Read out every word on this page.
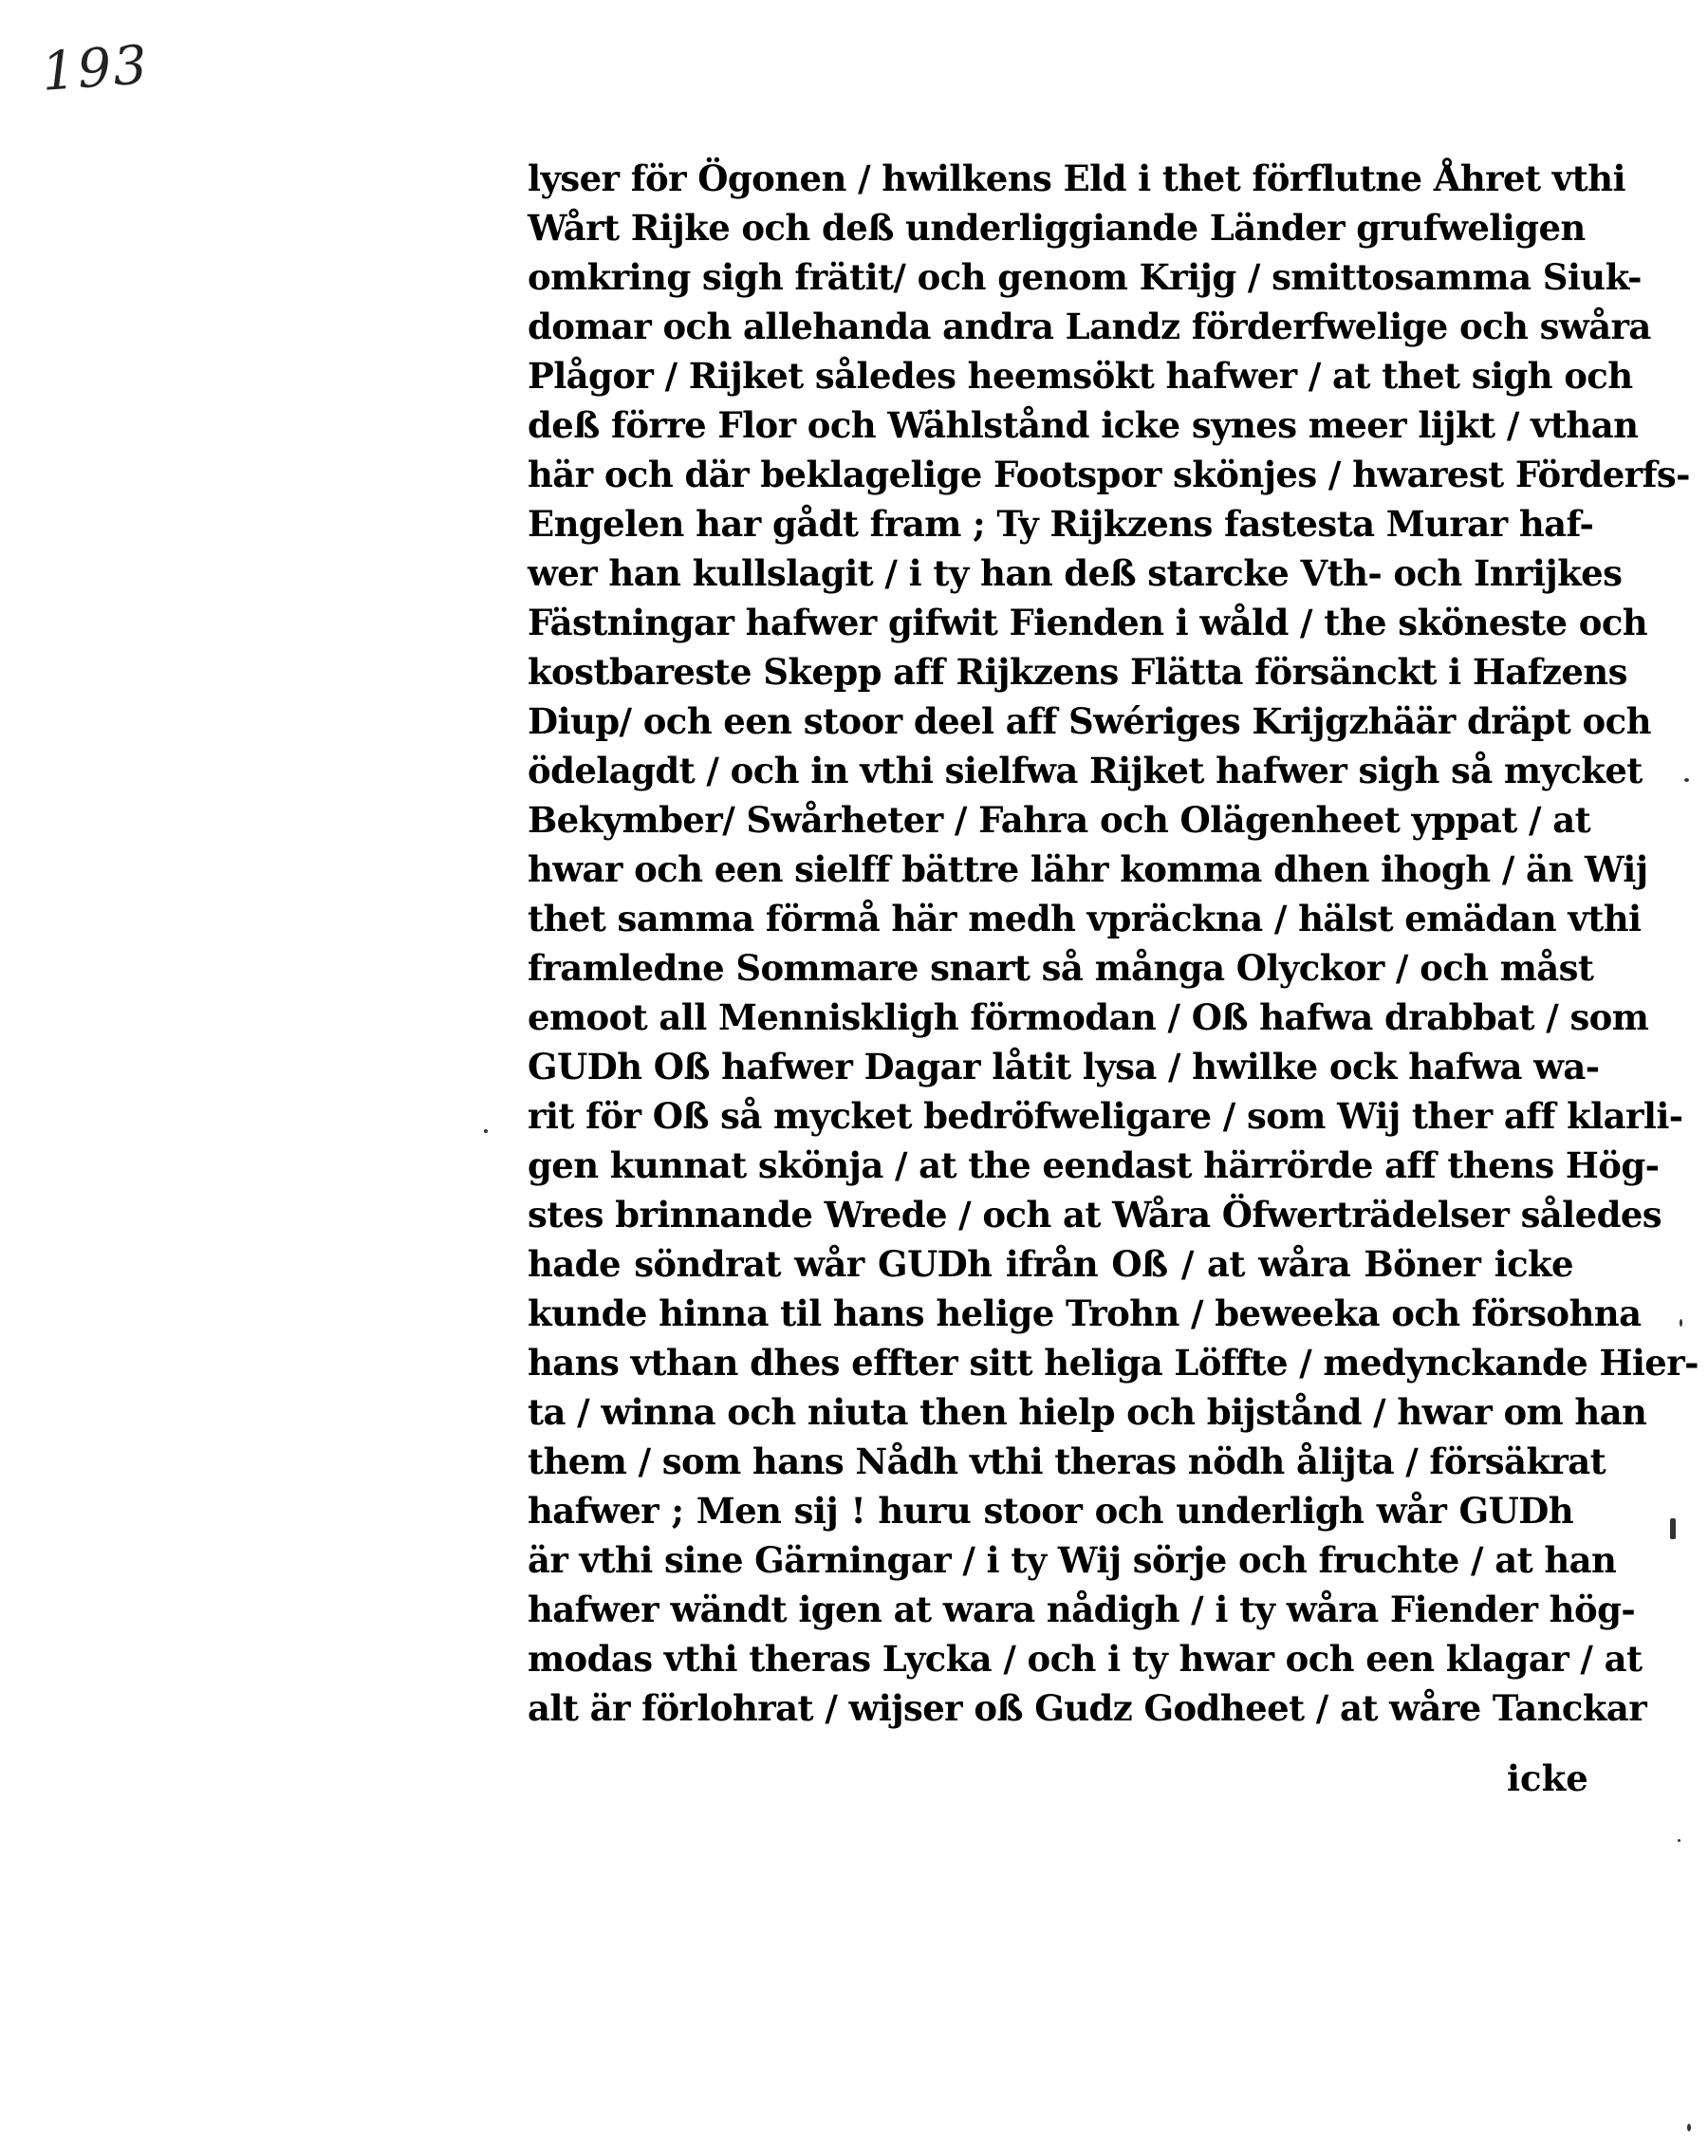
193
lyser för Ögonen / hwilkens Eld i thet förflutne Åhret vthi
Wårt Rijke och deß underliggiande Länder grufweligen
omkring sigh frätit/ och genom Krijg / smittosamma Siuk-
domar och allehanda andra Landz förderfwelige och swåra
Plågor / Rijket således heemsökt hafwer / at thet sigh och
deß förre Flor och Wählstånd icke synes meer lijkt / vthan
här och där beklagelige Footspor skönjes / hwarest Förderfs-
Engelen har gådt fram ; Ty Rijkzens fastesta Murar haf-
wer han kullslagit / i ty han deß starcke Vth- och Inrijkes
Fästningar hafwer gifwit Fienden i wåld / the sköneste och
kostbareste Skepp aff Rijkzens Flätta försänckt i Hafzens
Diup/ och een stoor deel aff Swériges Krijgzhäär dräpt och
ödelagdt / och in vthi sielfwa Rijket hafwer sigh så mycket
Bekymber/ Swårheter / Fahra och Olägenheet yppat / at
hwar och een sielff bättre lähr komma dhen ihogh / än Wij
thet samma förmå här medh vpräckna / hälst emädan vthi
framledne Sommare snart så många Olyckor / och måst
emoot all Menniskligh förmodan / Oß hafwa drabbat / som
GUDh Oß hafwer Dagar låtit lysa / hwilke ock hafwa wa-
rit för Oß så mycket bedröfweligare / som Wij ther aff klarli-
gen kunnat skönja / at the eendast härrörde aff thens Hög-
stes brinnande Wrede / och at Wåra Öfwerträdelser således
hade söndrat wår GUDh ifrån Oß / at wåra Böner icke
kunde hinna til hans helige Trohn / beweeka och försohna
hans vthan dhes effter sitt heliga Löffte / medynckande Hier-
ta / winna och niuta then hielp och bijstånd / hwar om han
them / som hans Nådh vthi theras nödh ålijta / försäkrat
hafwer ; Men sij ! huru stoor och underligh wår GUDh
är vthi sine Gärningar / i ty Wij sörje och fruchte / at han
hafwer wändt igen at wara nådigh / i ty wåra Fiender hög-
modas vthi theras Lycka / och i ty hwar och een klagar / at
alt är förlohrat / wijser oß Gudz Godheet / at wåre Tanckar
icke
